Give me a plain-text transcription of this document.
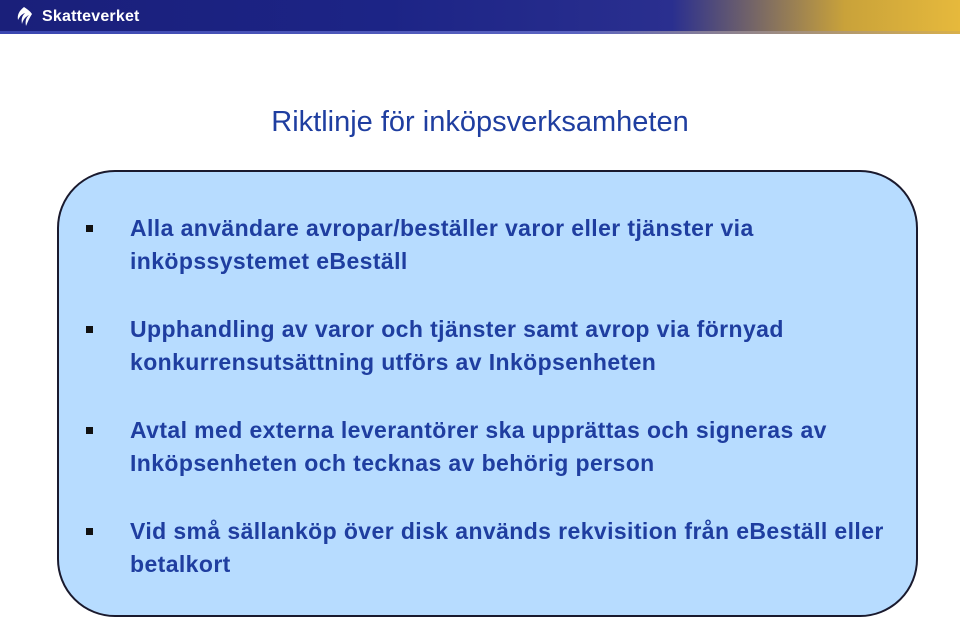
Skatteverket
Riktlinje för inköpsverksamheten
Alla användare avropar/beställer varor eller tjänster via inköpssystemet eBeställ
Upphandling av varor och tjänster samt avrop via förnyad konkurrensutsättning utförs av Inköpsenheten
Avtal med externa leverantörer ska upprättas och signeras av Inköpsenheten och tecknas av behörig person
Vid små sällanköp över disk används rekvisition från eBeställ eller betalkort
